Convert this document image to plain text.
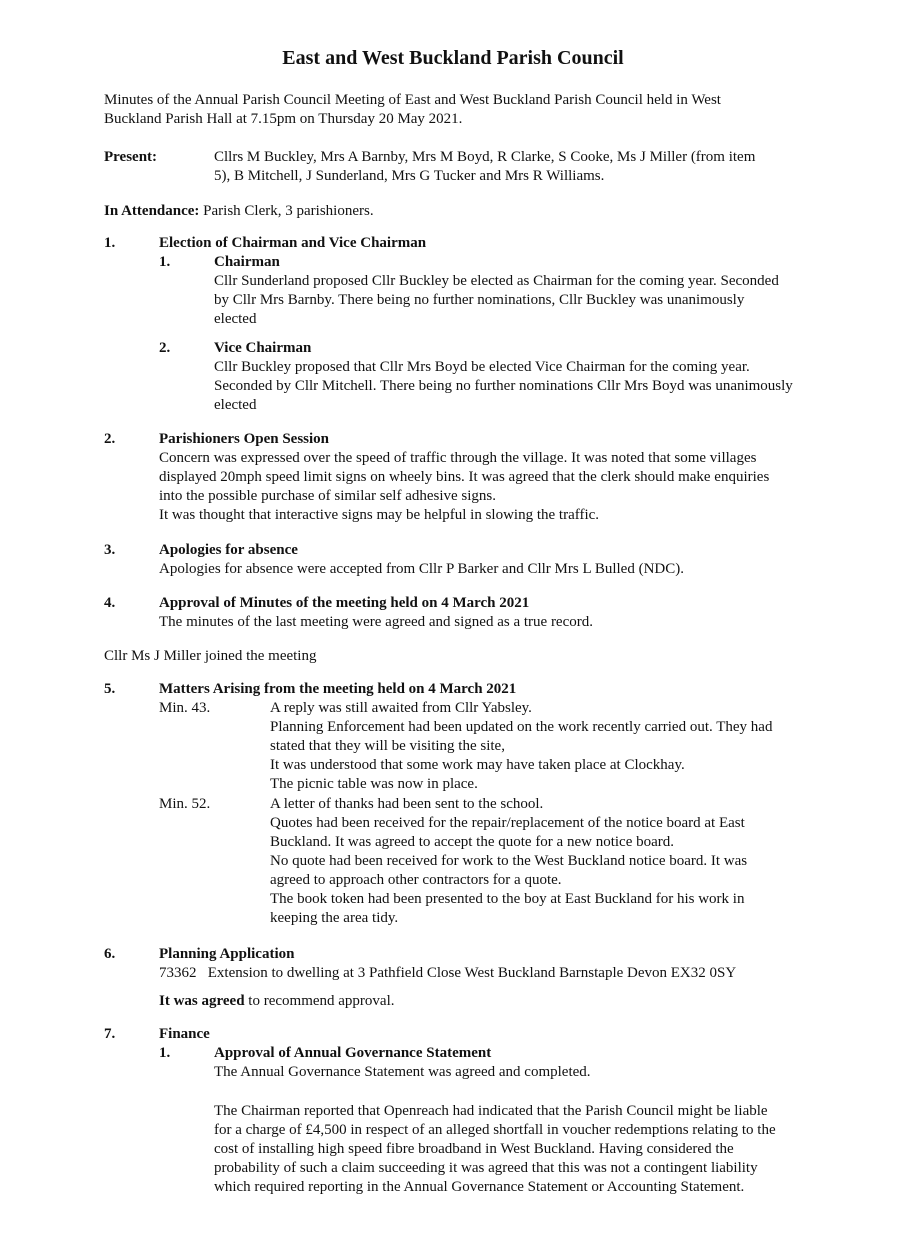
East and West Buckland Parish Council

Minutes of the Annual Parish Council Meeting of East and West Buckland Parish Council held in West

Buckland Parish Hall at 7.15pm on Thursday 20 May 2021.

Present:	Cllrs M Buckley, Mrs A Barnby, Mrs M Boyd, R Clarke, S Cooke, Ms J Miller (from item

5), B Mitchell, J Sunderland, Mrs G Tucker and Mrs R Williams.

In Attendance: Parish Clerk, 3 parishioners.
1.	Election of Chairman and Vice Chairman
1.	Chairman

Cllr Sunderland proposed Cllr Buckley be elected as Chairman for the coming year. Seconded

by Cllr Mrs Barnby. There being no further nominations, Cllr Buckley was unanimously

elected

2.	Vice Chairman

Cllr Buckley proposed that Cllr Mrs Boyd be elected Vice Chairman for the coming year.

Seconded by Cllr Mitchell. There being no further nominations Cllr Mrs Boyd was unanimously

elected

2.	Parishioners Open Session

Concern was expressed over the speed of traffic through the village. It was noted that some villages

displayed 20mph speed limit signs on wheely bins. It was agreed that the clerk should make enquiries

into the possible purchase of similar self adhesive signs.

It was thought that interactive signs may be helpful in slowing the traffic.

3.	Apologies for absence
Apologies for absence were accepted from Cllr P Barker and Cllr Mrs L Bulled (NDC).
4.	Approval of Minutes of the meeting held on 4 March 2021
The minutes of the last meeting were agreed and signed as a true record.
Cllr Ms J Miller joined the meeting
5.	Matters Arising from the meeting held on 4 March 2021
Min. 43.	A reply was still awaited from Cllr Yabsley.

Planning Enforcement had been updated on the work recently carried out. They had

stated that they will be visiting the site,

It was understood that some work may have taken place at Clockhay.

The picnic table was now in place.

Min. 52.	A letter of thanks had been sent to the school.

Quotes had been received for the repair/replacement of the notice board at East

Buckland. It was agreed to accept the quote for a new notice board.

No quote had been received for work to the West Buckland notice board. It was

agreed to approach other contractors for a quote.

The book token had been presented to the boy at East Buckland for his work in

keeping the area tidy.

6.	Planning Application
73362   Extension to dwelling at 3 Pathfield Close West Buckland Barnstaple Devon EX32 0SY
It was agreed to recommend approval.
7.	Finance
1.	Approval of Annual Governance Statement
The Annual Governance Statement was agreed and completed.

The Chairman reported that Openreach had indicated that the Parish Council might be liable

for a charge of £4,500 in respect of an alleged shortfall in voucher redemptions relating to the

cost of installing high speed fibre broadband in West Buckland. Having considered the

probability of such a claim succeeding it was agreed that this was not a contingent liability

which required reporting in the Annual Governance Statement or Accounting Statement.
